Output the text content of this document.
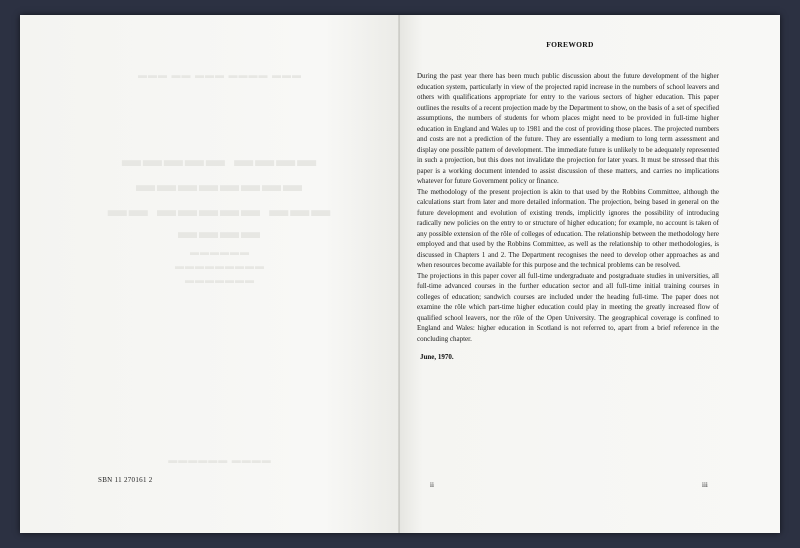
▬▬▬ ▬▬ ▬▬▬ ▬▬▬▬ ▬▬▬
▬▬▬▬▬ ▬▬▬▬
▬▬▬▬▬▬▬▬
▬▬ ▬▬▬▬▬ ▬▬▬ ▬▬▬▬
▬▬▬▬▬▬
▬▬▬▬▬▬▬▬▬
▬▬▬▬▬▬▬
▬▬▬▬▬▬ ▬▬▬▬
SBN 11 270161 2
FOREWORD

During the past year there has been much public discussion about the future development of the higher education system, particularly in view of the projected rapid increase in the numbers of school leavers and others with qualifications appropriate for entry to the various sectors of higher education. This paper outlines the results of a recent projection made by the Department to show, on the basis of a set of specified assumptions, the numbers of students for whom places might need to be provided in full-time higher education in England and Wales up to 1981 and the cost of providing those places. The projected numbers and costs are not a prediction of the future. They are essentially a medium to long term assessment and display one possible pattern of development. The immediate future is unlikely to be adequately represented in such a projection, but this does not invalidate the projection for later years. It must be stressed that this paper is a working document intended to assist discussion of these matters, and carries no implications whatever for future Government policy or finance.

The methodology of the present projection is akin to that used by the Robbins Committee, although the calculations start from later and more detailed information. The projection, being based in general on the future development and evolution of existing trends, implicitly ignores the possibility of introducing radically new policies on the entry to or structure of higher education; for example, no account is taken of any possible extension of the rôle of colleges of education. The relationship between the methodology here employed and that used by the Robbins Committee, as well as the relationship to other methodologies, is discussed in Chapters 1 and 2. The Department recognises the need to develop other approaches as and when resources become available for this purpose and the technical problems can be resolved.

The projections in this paper cover all full-time undergraduate and postgraduate studies in universities, all full-time advanced courses in the further education sector and all full-time initial training courses in colleges of education; sandwich courses are included under the heading full-time. The paper does not examine the rôle which part-time higher education could play in meeting the greatly increased flow of qualified school leavers, nor the rôle of the Open University. The geographical coverage is confined to England and Wales: higher education in Scotland is not referred to, apart from a brief reference in the concluding chapter.

June, 1970.
ii	iii
